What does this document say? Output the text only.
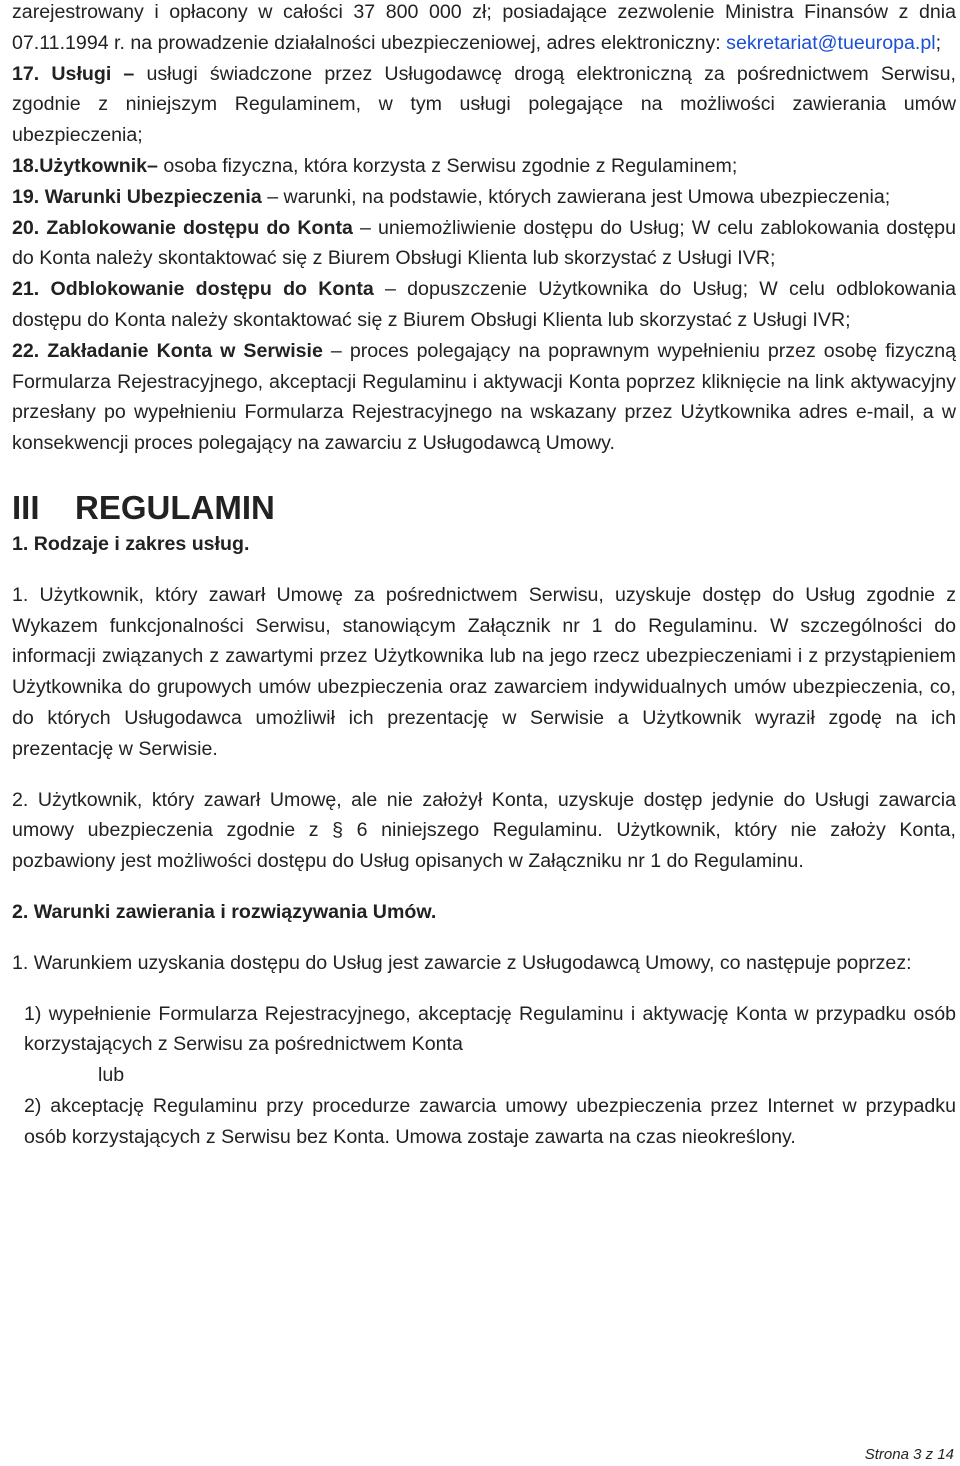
zarejestrowany i opłacony w całości 37 800 000 zł; posiadające zezwolenie Ministra Finansów z dnia 07.11.1994 r. na prowadzenie działalności ubezpieczeniowej, adres elektroniczny: sekretariat@tueuropa.pl;

17. Usługi – usługi świadczone przez Usługodawcę drogą elektroniczną za pośrednictwem Serwisu, zgodnie z niniejszym Regulaminem, w tym usługi polegające na możliwości zawierania umów ubezpieczenia;

18.Użytkownik– osoba fizyczna, która korzysta z Serwisu zgodnie z Regulaminem;

19. Warunki Ubezpieczenia – warunki, na podstawie, których zawierana jest Umowa ubezpieczenia;

20. Zablokowanie dostępu do Konta – uniemożliwienie dostępu do Usług; W celu zablokowania dostępu do Konta należy skontaktować się z Biurem Obsługi Klienta lub skorzystać z Usługi IVR;

21. Odblokowanie dostępu do Konta – dopuszczenie Użytkownika do Usług; W celu odblokowania dostępu do Konta należy skontaktować się z Biurem Obsługi Klienta lub skorzystać z Usługi IVR;

22. Zakładanie Konta w Serwisie – proces polegający na poprawnym wypełnieniu przez osobę fizyczną Formularza Rejestracyjnego, akceptacji Regulaminu i aktywacji Konta poprzez kliknięcie na link aktywacyjny przesłany po wypełnieniu Formularza Rejestracyjnego na wskazany przez Użytkownika adres e-mail, a w konsekwencji proces polegający na zawarciu z Usługodawcą Umowy.

III	REGULAMIN

1. Rodzaje i zakres usług.

1. Użytkownik, który zawarł Umowę za pośrednictwem Serwisu, uzyskuje dostęp do Usług zgodnie z Wykazem funkcjonalności Serwisu, stanowiącym Załącznik nr 1 do Regulaminu. W szczególności do informacji związanych z zawartymi przez Użytkownika lub na jego rzecz ubezpieczeniami i z przystąpieniem Użytkownika do grupowych umów ubezpieczenia oraz zawarciem indywidualnych umów ubezpieczenia, co, do których Usługodawca umożliwił ich prezentację w Serwisie a Użytkownik wyraził zgodę na ich prezentację w Serwisie.

2. Użytkownik, który zawarł Umowę, ale nie założył Konta, uzyskuje dostęp jedynie do Usługi zawarcia umowy ubezpieczenia zgodnie z § 6 niniejszego Regulaminu. Użytkownik, który nie założy Konta, pozbawiony jest możliwości dostępu do Usług opisanych w Załączniku nr 1 do Regulaminu.

2. Warunki zawierania i rozwiązywania Umów.

1. Warunkiem uzyskania dostępu do Usług jest zawarcie z Usługodawcą Umowy, co następuje poprzez:

1) wypełnienie Formularza Rejestracyjnego, akceptację Regulaminu i aktywację Konta w przypadku osób korzystających z Serwisu za pośrednictwem Konta

lub

2) akceptację Regulaminu przy procedurze zawarcia umowy ubezpieczenia przez Internet w przypadku osób korzystających z Serwisu bez Konta. Umowa zostaje zawarta na czas nieokreślony.

Strona 3 z 14
